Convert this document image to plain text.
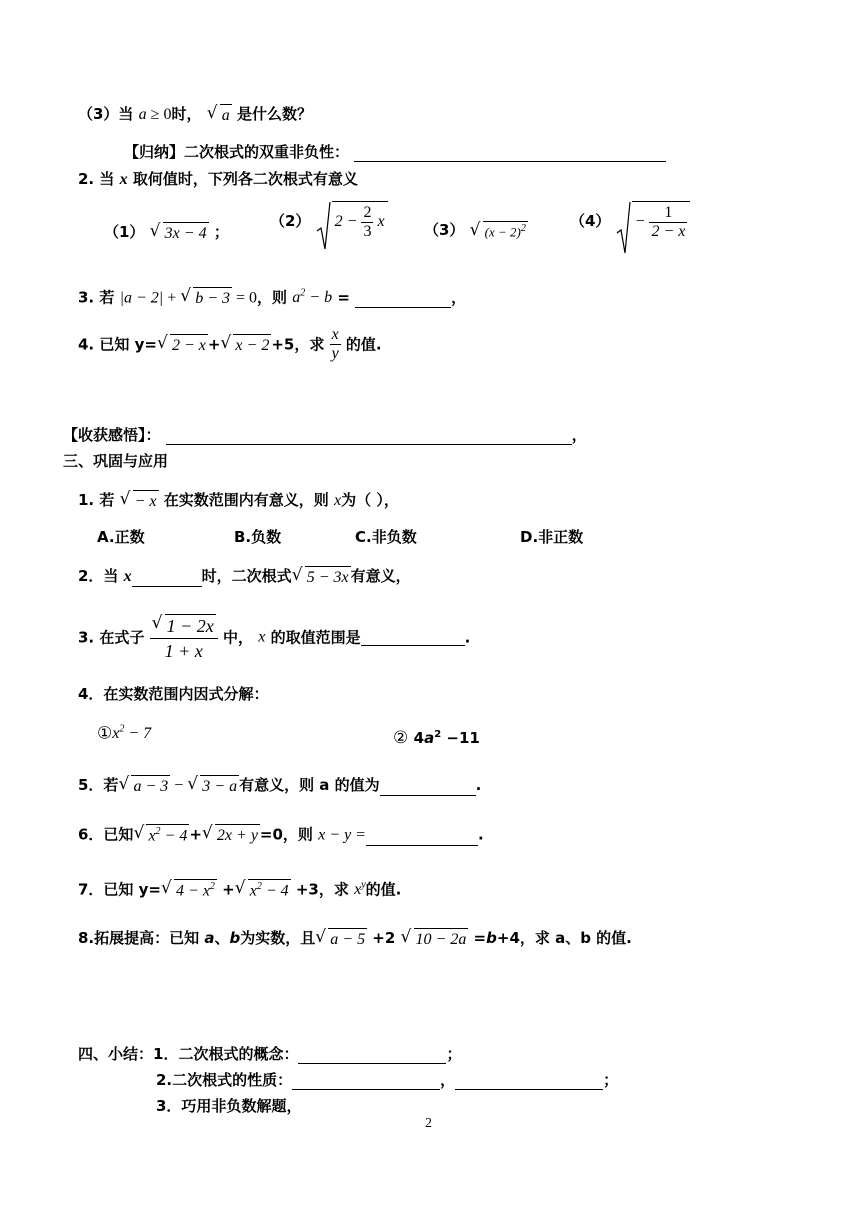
（3）当 a ≥ 0时， √ a 是什么数？
【归纳】二次根式的双重非负性：
2. 当 x 取何值时，下列各二次根式有意义
（1） √ 3x − 4 ；
（2） $2 - \frac{2}{3}$ x	（3） √ $(x - 2)^2$	$(4) - \frac{1}{2 - x}$
3. 若 |a − 2| + √ b − 3 = 0，则 $a^2 - b$ =	，
4. 已知 y= √ 2 − x + √ x − 2 +5，求 $\frac{x}{y}$ 的值.
【收获感悟】：	，
三、巩固与应用
1. 若 √ − x 在实数范围内有意义，则 x为（ ），
A.正数	B.负数	C.非负数	D.非正数
2．当 x	时，二次根式 √ 5 − 3x 有意义，
3. 在式子 √ $\frac{1 - 2x}{1 + x}$ 中， x 的取值范围是	.
4．在实数范围内因式分解：
$①x^2 - 7$	② $4a^2 -11$
5．若 √ a − 3 − √ 3 − a 有意义，则 a 的值为	.
6．已知 √ $x^2 - 4$ + √ 2x + y =0，则 x − y =	.
7．已知 y= √ $4 - x^2$ + √ $x^2 - 4 +3$，求 $x^y$的值.
8.拓展提高：已知 a、b为实数，且 √ a − 5 +2 √ 10 − 2a =b+4，求 a、b 的值.
四、小结：1．二次根式的概念：	；
2.二次根式的性质：	，	；
3．巧用非负数解题，
2
